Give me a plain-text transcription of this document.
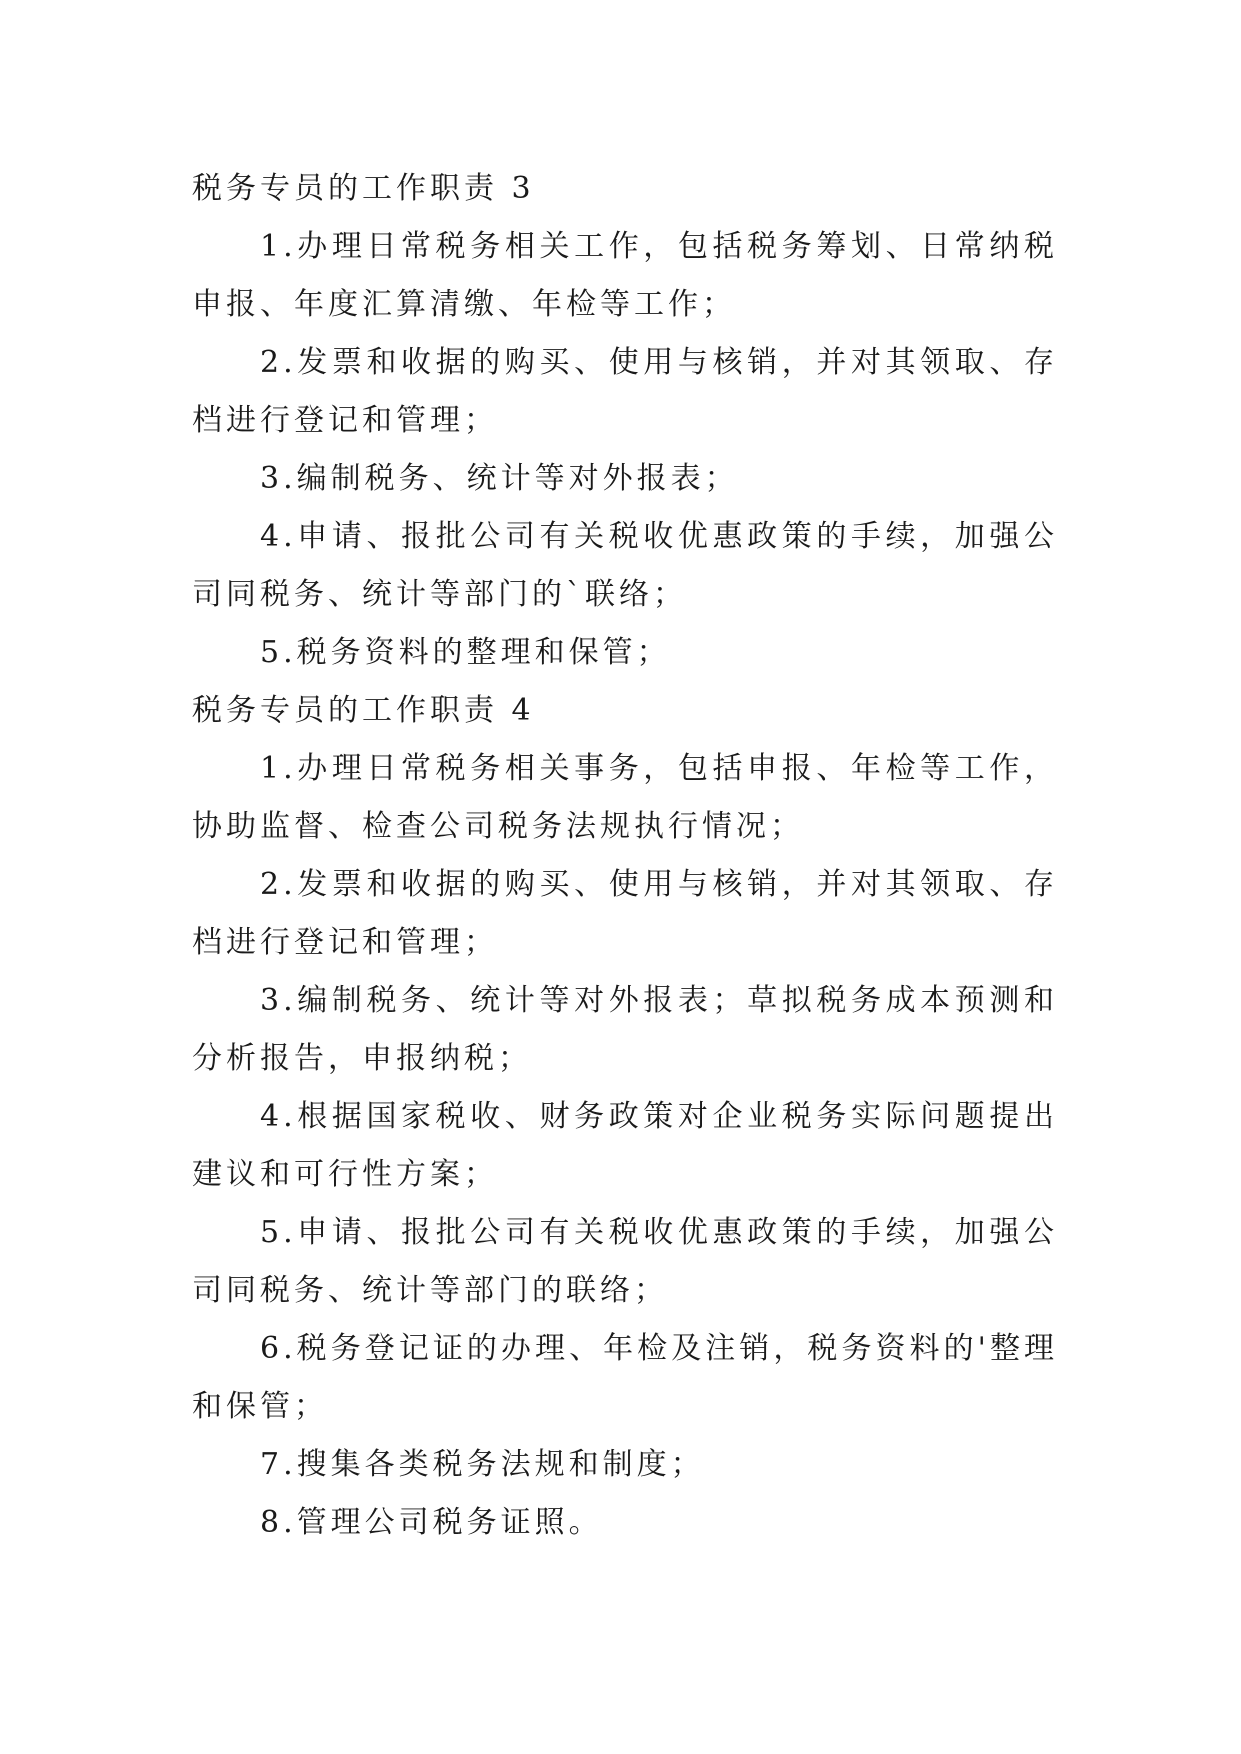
税务专员的工作职责 3

1.办理日常税务相关工作，包括税务筹划、日常纳税申报、年度汇算清缴、年检等工作；

2.发票和收据的购买、使用与核销，并对其领取、存档进行登记和管理；

3.编制税务、统计等对外报表；

4.申请、报批公司有关税收优惠政策的手续，加强公司同税务、统计等部门的`联络；

5.税务资料的整理和保管；

税务专员的工作职责 4

1.办理日常税务相关事务，包括申报、年检等工作，协助监督、检查公司税务法规执行情况；

2.发票和收据的购买、使用与核销，并对其领取、存档进行登记和管理；

3.编制税务、统计等对外报表；草拟税务成本预测和分析报告，申报纳税；

4.根据国家税收、财务政策对企业税务实际问题提出建议和可行性方案；

5.申请、报批公司有关税收优惠政策的手续，加强公司同税务、统计等部门的联络；

6.税务登记证的办理、年检及注销，税务资料的'整理和保管；

7.搜集各类税务法规和制度；

8.管理公司税务证照。
